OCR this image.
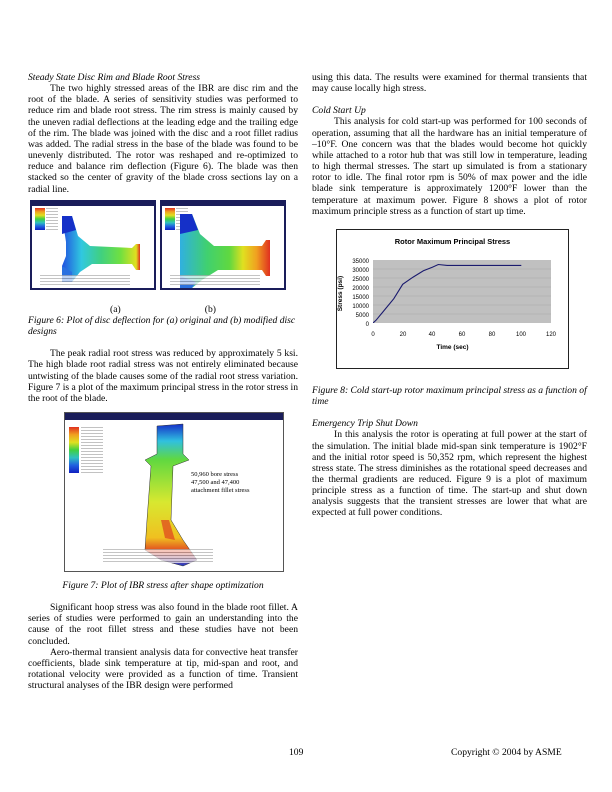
Steady State Disc Rim and Blade Root Stress

The two highly stressed areas of the IBR are disc rim and the root of the blade. A series of sensitivity studies was performed to reduce rim and blade root stress. The rim stress is mainly caused by the uneven radial deflections at the leading edge and the trailing edge of the rim. The blade was joined with the disc and a root fillet radius was added. The radial stress in the base of the blade was found to be unevenly distributed. The rotor was reshaped and re-optimized to reduce and balance rim deflection (Figure 6). The blade was then stacked so the center of gravity of the blade cross sections lay on a radial line.

(a)	(b)

Figure 6: Plot of disc deflection for (a) original and (b) modified disc designs

The peak radial root stress was reduced by approximately 5 ksi. The high blade root radial stress was not entirely eliminated because untwisting of the blade causes some of the radial root stress variation. Figure 7 is a plot of the maximum principal stress in the rotor stress in the root of the blade.

50,960 bore stress
47,500 and 47,400
attachment fillet stress

Figure 7: Plot of IBR stress after shape optimization

Significant hoop stress was also found in the blade root fillet. A series of studies were performed to gain an understanding into the cause of the root fillet stress and these studies have not been concluded.

Aero-thermal transient analysis data for convective heat transfer coefficients, blade sink temperature at tip, mid-span and root, and rotational velocity were provided as a function of time. Transient structural analyses of the IBR design were performed

using this data. The results were examined for thermal transients that may cause locally high stress.

Cold Start Up

This analysis for cold start-up was performed for 100 seconds of operation, assuming that all the hardware has an initial temperature of –10°F. One concern was that the blades would become hot quickly while attached to a rotor hub that was still low in temperature, leading to high thermal stresses. The start up simulated is from a stationary rotor to idle. The final rotor rpm is 50% of max power and the idle blade sink temperature is approximately 1200°F lower than the temperature at maximum power. Figure 8 shows a plot of rotor maximum principle stress as a function of start up time.

Rotor Maximum Principal Stress
Stress (psi)
35000
30000
25000
20000
15000
10000
5000
0
0	20	40	60	80	100	120
Time (sec)

Figure 8: Cold start-up rotor maximum principal stress as a function of time

Emergency Trip Shut Down

In this analysis the rotor is operating at full power at the start of the simulation. The initial blade mid-span sink temperature is 1902°F and the initial rotor speed is 50,352 rpm, which represent the highest stress state. The stress diminishes as the rotational speed decreases and the thermal gradients are reduced. Figure 9 is a plot of maximum principle stress as a function of time. The start-up and shut down analysis suggests that the transient stresses are lower that what are expected at full power conditions.

109	Copyright © 2004 by ASME
